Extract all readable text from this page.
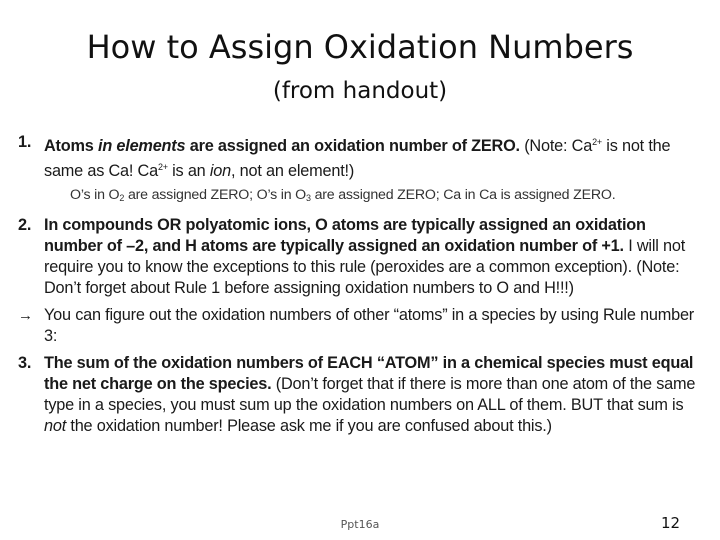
How to Assign Oxidation Numbers
(from handout)
1. Atoms in elements are assigned an oxidation number of ZERO. (Note: $Ca^{2+}$ is not the same as Ca! $Ca^{2+}$ is an ion, not an element!)
O’s in $O_2$ are assigned ZERO; O’s in $O_3$ are assigned ZERO; Ca in Ca is assigned ZERO.
2. In compounds OR polyatomic ions, O atoms are typically assigned an oxidation number of –2, and H atoms are typically assigned an oxidation number of +1. I will not require you to know the exceptions to this rule (peroxides are a common exception). (Note: Don’t forget about Rule 1 before assigning oxidation numbers to O and H!!!)
→ You can figure out the oxidation numbers of other “atoms” in a species by using Rule number 3:
3. The sum of the oxidation numbers of EACH “ATOM” in a chemical species must equal the net charge on the species. (Don’t forget that if there is more than one atom of the same type in a species, you must sum up the oxidation numbers on ALL of them. BUT that sum is not the oxidation number! Please ask me if you are confused about this.)
Ppt16a	12
